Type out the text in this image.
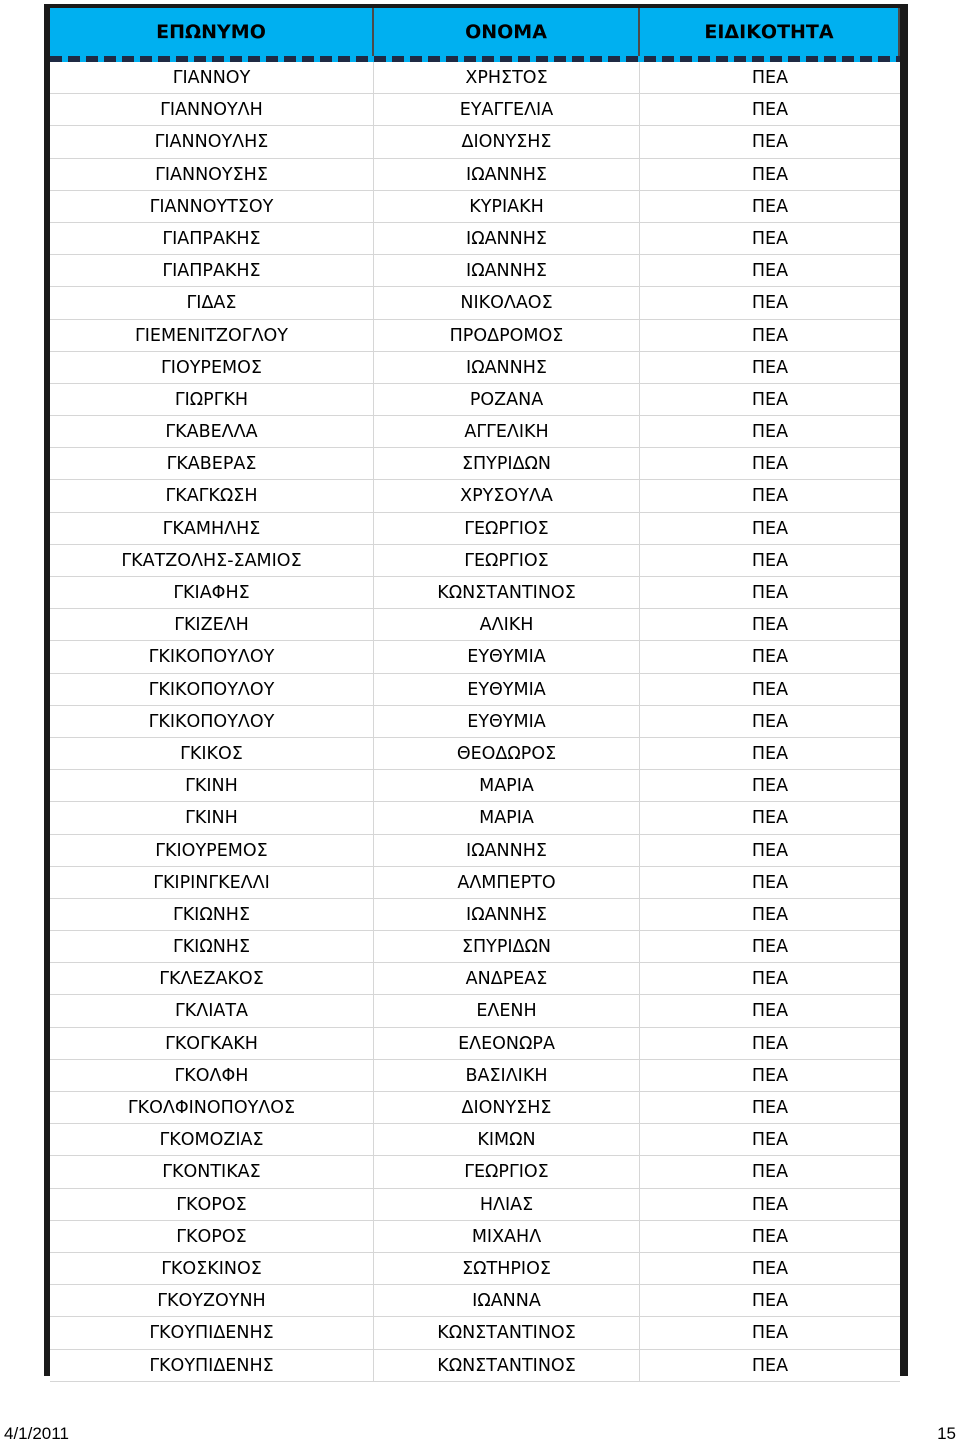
ΕΠΩΝΥΜΟ	ΟΝΟΜΑ	ΕΙΔΙΚΟΤΗΤΑ
ΓΙΑΝΝΟΥ	ΧΡΗΣΤΟΣ	ΠΕΑ
ΓΙΑΝΝΟΥΛΗ	ΕΥΑΓΓΕΛΙΑ	ΠΕΑ
ΓΙΑΝΝΟΥΛΗΣ	ΔΙΟΝΥΣΗΣ	ΠΕΑ
ΓΙΑΝΝΟΥΣΗΣ	ΙΩΑΝΝΗΣ	ΠΕΑ
ΓΙΑΝΝΟΥΤΣΟΥ	ΚΥΡΙΑΚΗ	ΠΕΑ
ΓΙΑΠΡΑΚΗΣ	ΙΩΑΝΝΗΣ	ΠΕΑ
ΓΙΑΠΡΑΚΗΣ	ΙΩΑΝΝΗΣ	ΠΕΑ
ΓΙΔΑΣ	ΝΙΚΟΛΑΟΣ	ΠΕΑ
ΓΙΕΜΕΝΙΤΖΟΓΛΟΥ	ΠΡΟΔΡΟΜΟΣ	ΠΕΑ
ΓΙΟΥΡΕΜΟΣ	ΙΩΑΝΝΗΣ	ΠΕΑ
ΓΙΩΡΓΚΗ	ΡΟΖΑΝΑ	ΠΕΑ
ΓΚΑΒΕΛΛΑ	ΑΓΓΕΛΙΚΗ	ΠΕΑ
ΓΚΑΒΕΡΑΣ	ΣΠΥΡΙΔΩΝ	ΠΕΑ
ΓΚΑΓΚΩΣΗ	ΧΡΥΣΟΥΛΑ	ΠΕΑ
ΓΚΑΜΗΛΗΣ	ΓΕΩΡΓΙΟΣ	ΠΕΑ
ΓΚΑΤΖΟΛΗΣ-ΣΑΜΙΟΣ	ΓΕΩΡΓΙΟΣ	ΠΕΑ
ΓΚΙΑΦΗΣ	ΚΩΝΣΤΑΝΤΙΝΟΣ	ΠΕΑ
ΓΚΙΖΕΛΗ	ΑΛΙΚΗ	ΠΕΑ
ΓΚΙΚΟΠΟΥΛΟΥ	ΕΥΘΥΜΙΑ	ΠΕΑ
ΓΚΙΚΟΠΟΥΛΟΥ	ΕΥΘΥΜΙΑ	ΠΕΑ
ΓΚΙΚΟΠΟΥΛΟΥ	ΕΥΘΥΜΙΑ	ΠΕΑ
ΓΚΙΚΟΣ	ΘΕΟΔΩΡΟΣ	ΠΕΑ
ΓΚΙΝΗ	ΜΑΡΙΑ	ΠΕΑ
ΓΚΙΝΗ	ΜΑΡΙΑ	ΠΕΑ
ΓΚΙΟΥΡΕΜΟΣ	ΙΩΑΝΝΗΣ	ΠΕΑ
ΓΚΙΡΙΝΓΚΕΛΛΙ	ΑΛΜΠΕΡΤΟ	ΠΕΑ
ΓΚΙΩΝΗΣ	ΙΩΑΝΝΗΣ	ΠΕΑ
ΓΚΙΩΝΗΣ	ΣΠΥΡΙΔΩΝ	ΠΕΑ
ΓΚΛΕΖΑΚΟΣ	ΑΝΔΡΕΑΣ	ΠΕΑ
ΓΚΛΙΑΤΑ	ΕΛΕΝΗ	ΠΕΑ
ΓΚΟΓΚΑΚΗ	ΕΛΕΟΝΩΡΑ	ΠΕΑ
ΓΚΟΛΦΗ	ΒΑΣΙΛΙΚΗ	ΠΕΑ
ΓΚΟΛΦΙΝΟΠΟΥΛΟΣ	ΔΙΟΝΥΣΗΣ	ΠΕΑ
ΓΚΟΜΟΖΙΑΣ	ΚΙΜΩΝ	ΠΕΑ
ΓΚΟΝΤΙΚΑΣ	ΓΕΩΡΓΙΟΣ	ΠΕΑ
ΓΚΟΡΟΣ	ΗΛΙΑΣ	ΠΕΑ
ΓΚΟΡΟΣ	ΜΙΧΑΗΛ	ΠΕΑ
ΓΚΟΣΚΙΝΟΣ	ΣΩΤΗΡΙΟΣ	ΠΕΑ
ΓΚΟΥΖΟΥΝΗ	ΙΩΑΝΝΑ	ΠΕΑ
ΓΚΟΥΠΙΔΕΝΗΣ	ΚΩΝΣΤΑΝΤΙΝΟΣ	ΠΕΑ
ΓΚΟΥΠΙΔΕΝΗΣ	ΚΩΝΣΤΑΝΤΙΝΟΣ	ΠΕΑ
4/1/2011	15
